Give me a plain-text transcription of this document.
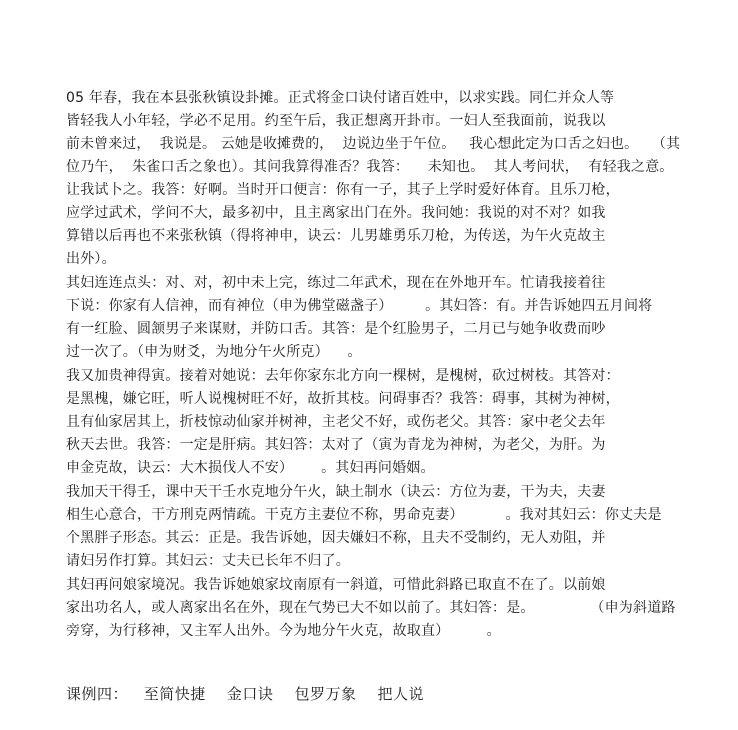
05 年春，我在本县张秋镇设卦摊。正式将金口诀付诸百姓中，以求实践。同仁并众人等
皆轻我人小年轻，学必不足用。约至午后，我正想离开卦市。一妇人至我面前，说我以
前未曾来过，  我说是。 云她是收摊费的，  边说边坐于午位。   我心想此定为口舌之妇也。   （其
位乃午，  朱雀口舌之象也）。其问我算得准否？我答：    未知也。  其人考问状，  有轻我之意。
让我试卜之。我答：好啊。当时开口便言：你有一子，其子上学时爱好体育。且乐刀枪，
应学过武术，学问不大，最多初中，且主离家出门在外。我问她：我说的对不对？如我
算错以后再也不来张秋镇（得将神申，诀云：儿男雄勇乐刀枪，为传送，为午火克故主
出外）。
其妇连连点头：对、对，初中未上完，练过二年武术，现在在外地开车。忙请我接着往
下说：你家有人信神，而有神位（申为佛堂磁盏子）       。其妇答：有。并告诉她四五月间将
有一红脸、圆颔男子来谋财，并防口舌。其答：是个红脸男子，二月已与她争收费而吵
过一次了。（申为财爻，为地分午火所克）    。
我又加贵神得寅。接着对她说：去年你家东北方向一棵树，是槐树，砍过树枝。其答对：
是黑槐，嫌它旺，听人说槐树旺不好，故折其枝。问碍事否？我答：碍事，其树为神树，
且有仙家居其上，折枝惊动仙家并树神，主老父不好，或伤老父。其答：家中老父去年
秋天去世。我答：一定是肝病。其妇答：太对了（寅为青龙为神树，为老父，为肝。为
申金克故，诀云：大木损伐人不安）      。其妇再问婚姻。
我加天干得壬，课中天干壬水克地分午火，缺土制水（诀云：方位为妻，干为夫，夫妻
相生心意合，干方刑克两情疏。干克方主妻位不称，男命克妻）         。我对其妇云：你丈夫是
个黑胖子形态。其云：正是。我告诉她，因夫嫌妇不称，且夫不受制约，无人劝阻，并
请妇另作打算。其妇云：丈夫已长年不归了。
其妇再问娘家境况。我告诉她娘家坟南原有一斜道，可惜此斜路已取直不在了。以前娘
家出功名人，或人离家出名在外，现在气势已大不如以前了。其妇答：是。            （申为斜道路
旁穿，为行移神，又主军人出外。今为地分午火克，故取直）        。
课例四：   至简快捷    金口诀    包罗万象    把人说
